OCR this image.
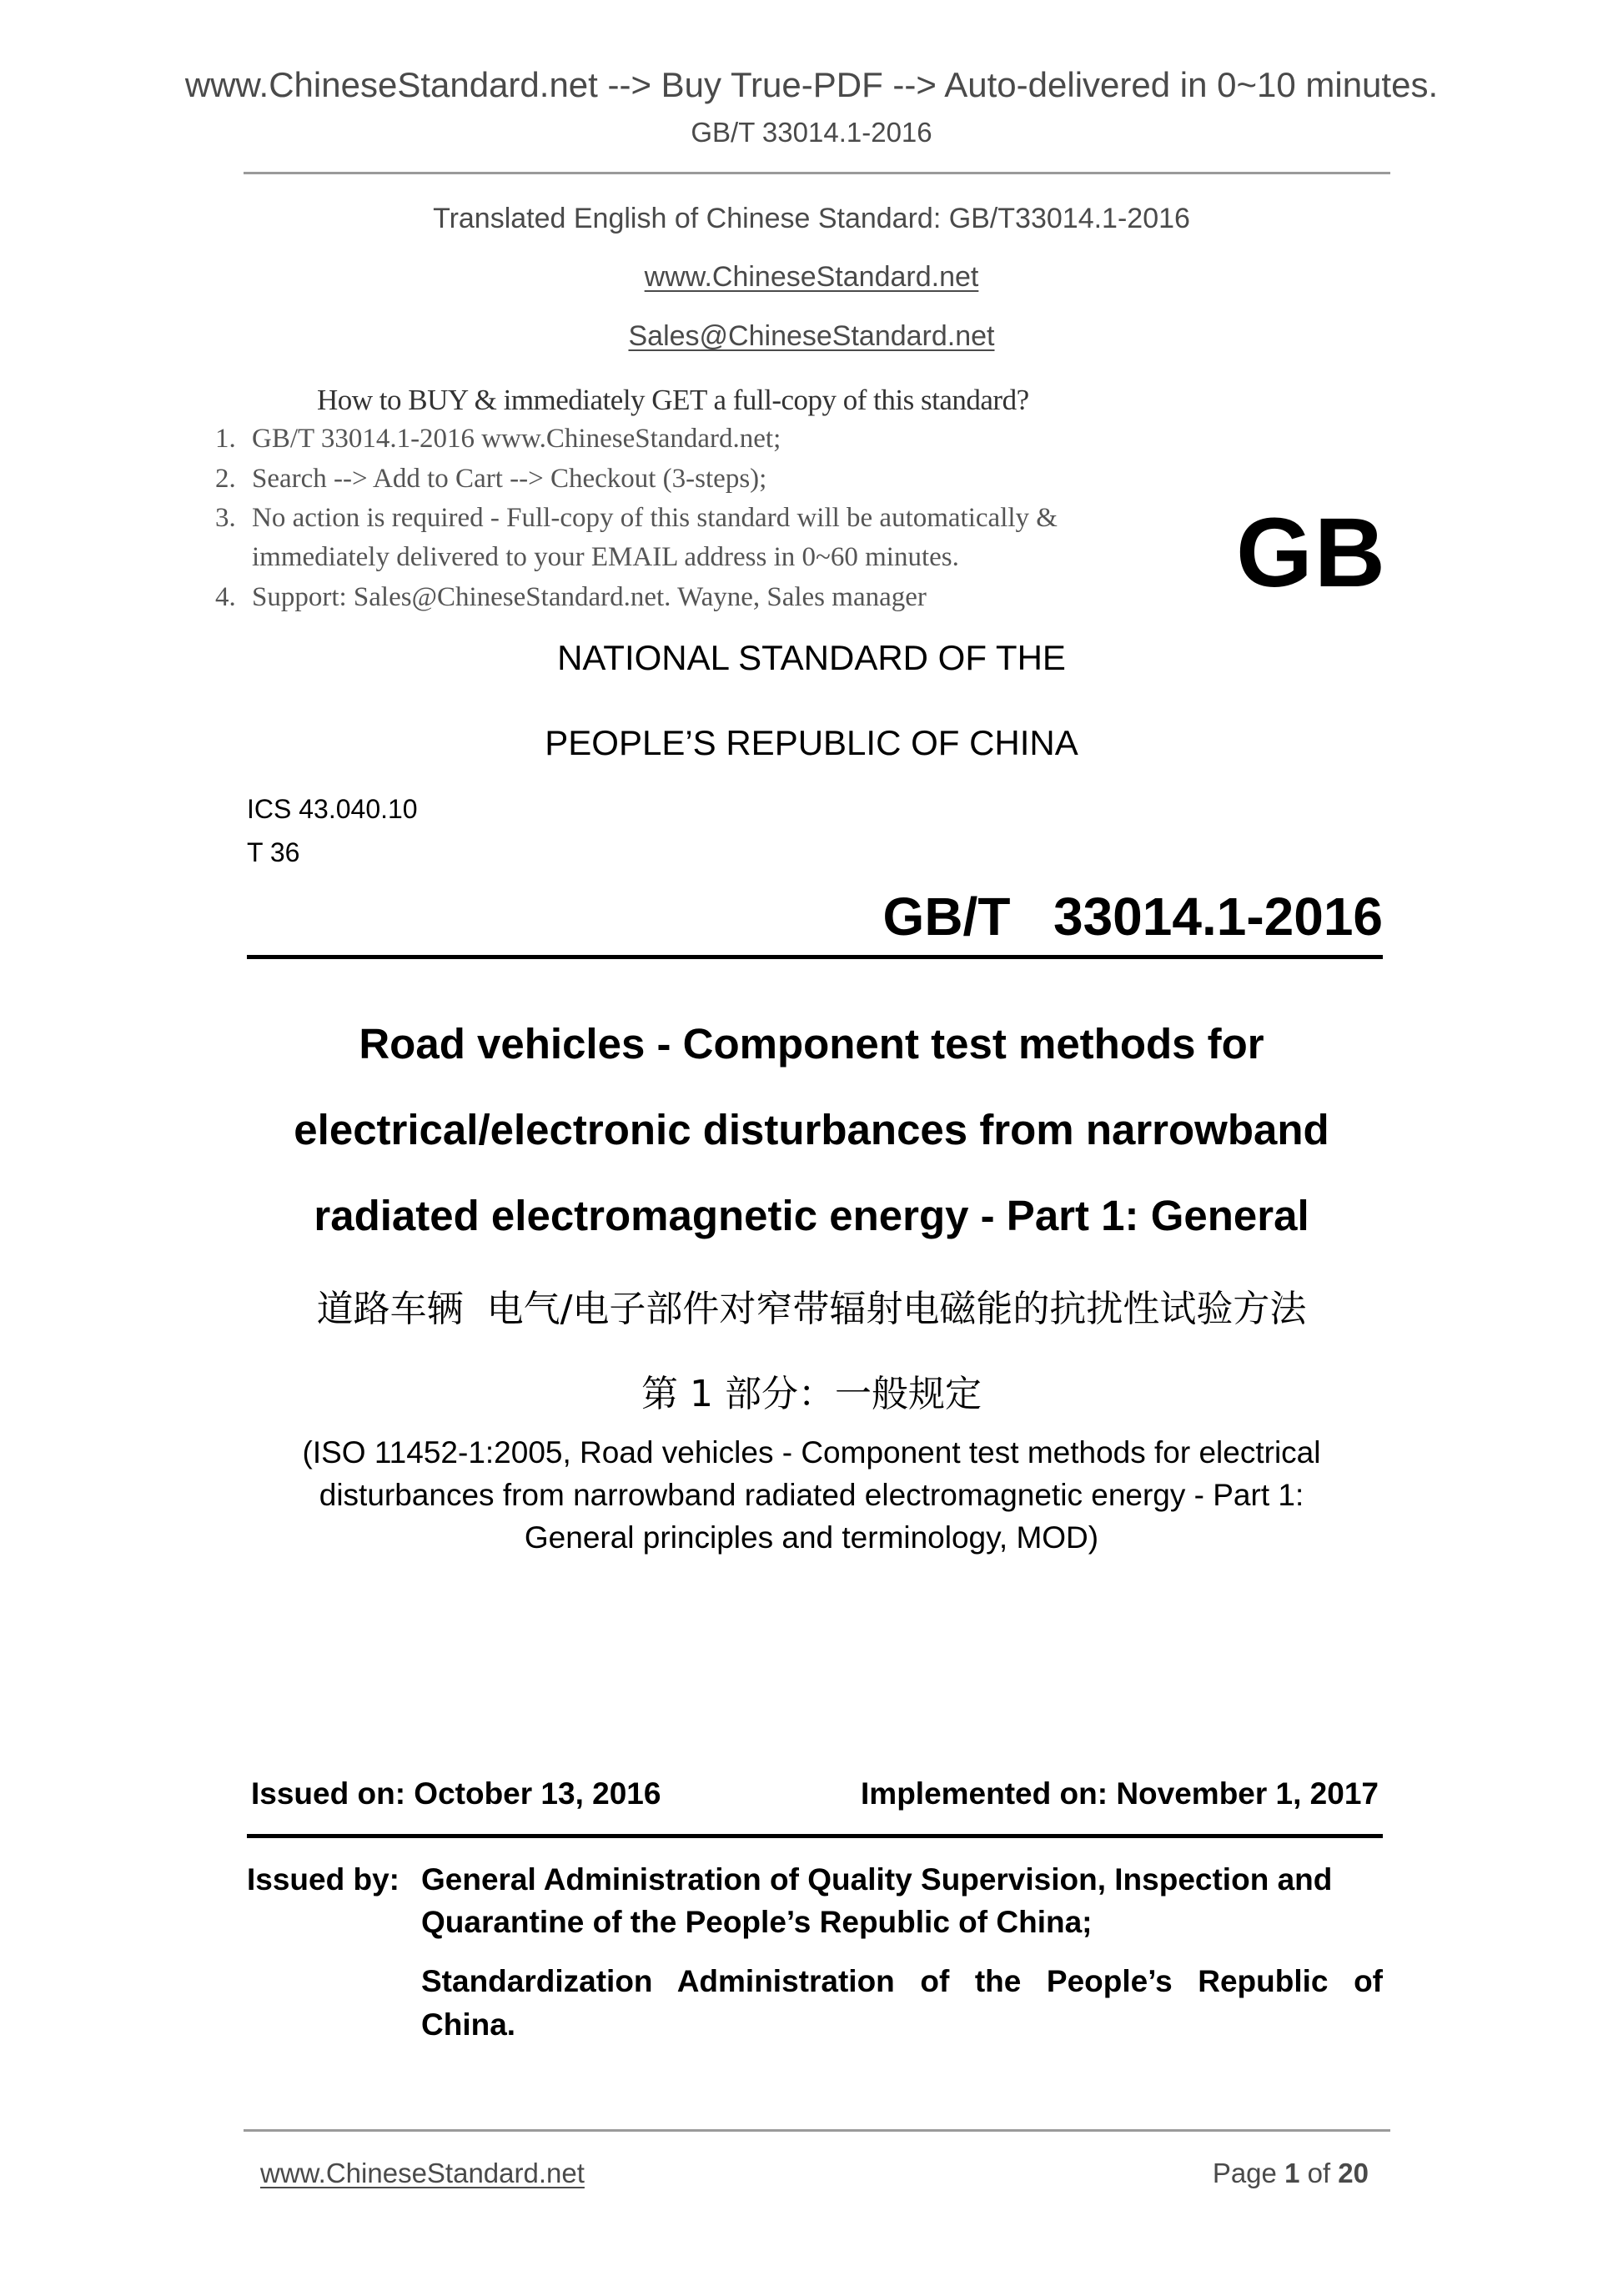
www.ChineseStandard.net --> Buy True-PDF --> Auto-delivered in 0~10 minutes.
GB/T 33014.1-2016
Translated English of Chinese Standard: GB/T33014.1-2016
www.ChineseStandard.net
Sales@ChineseStandard.net
How to BUY & immediately GET a full-copy of this standard?
1. GB/T 33014.1-2016 www.ChineseStandard.net;
2. Search --> Add to Cart --> Checkout (3-steps);
3. No action is required - Full-copy of this standard will be automatically &
immediately delivered to your EMAIL address in 0~60 minutes.
4. Support: Sales@ChineseStandard.net. Wayne, Sales manager	GB
NATIONAL STANDARD OF THE
PEOPLE’S REPUBLIC OF CHINA
ICS 43.040.10
T 36
GB/T  33014.1-2016
Road vehicles - Component test methods for
electrical/electronic disturbances from narrowband
radiated electromagnetic energy - Part 1: General
道路车辆  电气/电子部件对窄带辐射电磁能的抗扰性试验方法
第 1 部分：一般规定
(ISO 11452-1:2005, Road vehicles - Component test methods for electrical
disturbances from narrowband radiated electromagnetic energy - Part 1:
General principles and terminology, MOD)
Issued on: October 13, 2016	Implemented on: November 1, 2017
Issued by: General Administration of Quality Supervision, Inspection and
Quarantine of the People’s Republic of China;
Standardization Administration of the People’s Republic of
China.
www.ChineseStandard.net	Page 1 of 20
